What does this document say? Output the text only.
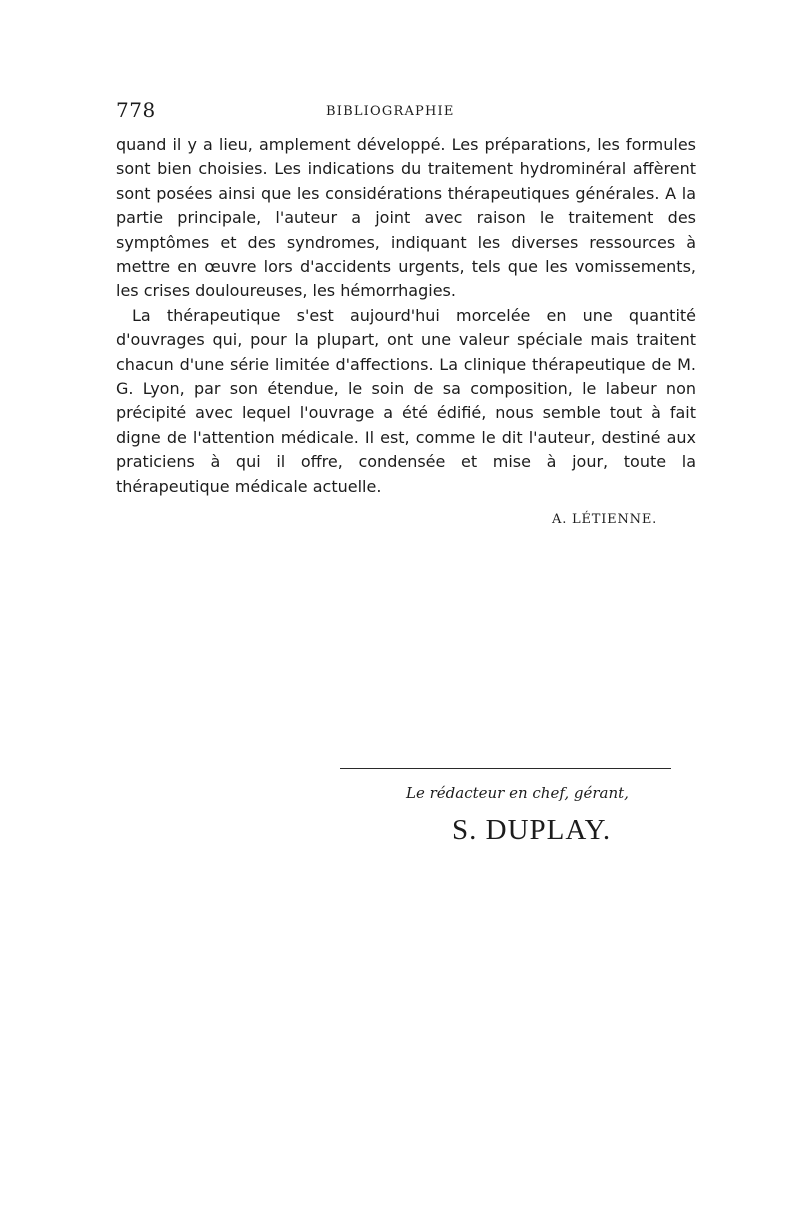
778	BIBLIOGRAPHIE

quand il y a lieu, amplement développé. Les préparations, les formules sont bien choisies. Les indications du traitement hydrominéral affèrent sont posées ainsi que les considérations thérapeutiques générales. A la partie principale, l'auteur a joint avec raison le traitement des symptômes et des syndromes, indiquant les diverses ressources à mettre en œuvre lors d'accidents urgents, tels que les vomissements, les crises douloureuses, les hémorrhagies.

La thérapeutique s'est aujourd'hui morcelée en une quantité d'ouvrages qui, pour la plupart, ont une valeur spéciale mais traitent chacun d'une série limitée d'affections. La clinique thérapeutique de M. G. Lyon, par son étendue, le soin de sa composition, le labeur non précipité avec lequel l'ouvrage a été édifié, nous semble tout à fait digne de l'attention médicale. Il est, comme le dit l'auteur, destiné aux praticiens à qui il offre, condensée et mise à jour, toute la thérapeutique médicale actuelle.

A. LÉTIENNE.
Le rédacteur en chef, gérant,
S. DUPLAY.
